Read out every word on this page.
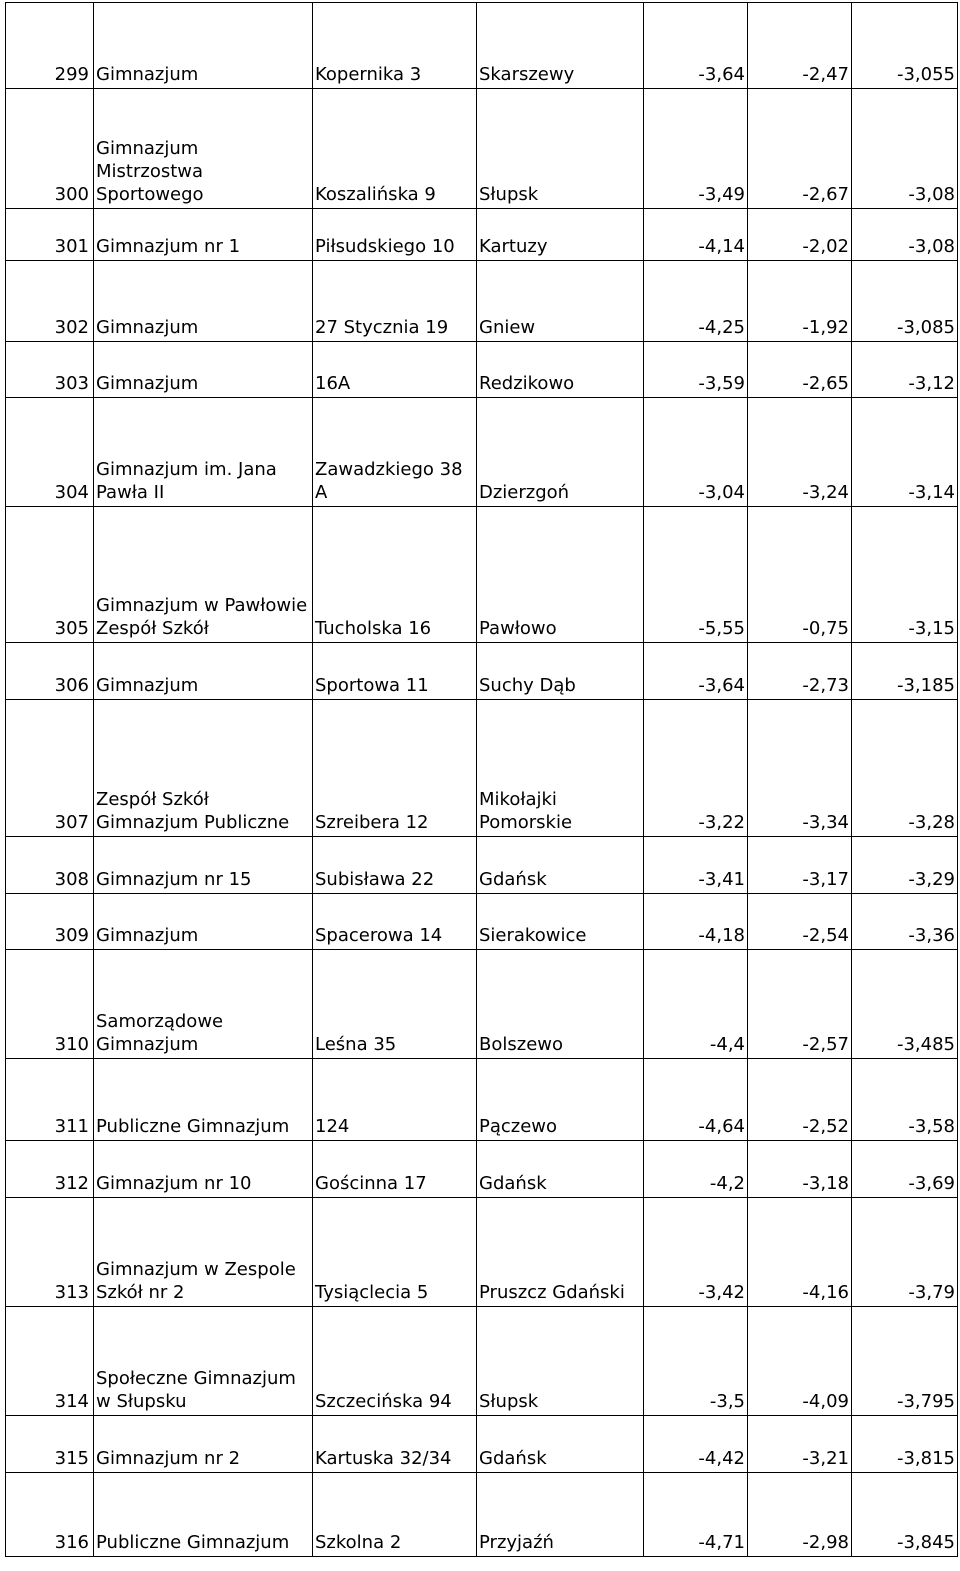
299	Gimnazjum	Kopernika 3	Skarszewy	-3,64	-2,47	-3,055
300	Gimnazjum Mistrzostwa Sportowego	Koszalińska 9	Słupsk	-3,49	-2,67	-3,08
301	Gimnazjum nr 1	Piłsudskiego 10	Kartuzy	-4,14	-2,02	-3,08
302	Gimnazjum	27 Stycznia 19	Gniew	-4,25	-1,92	-3,085
303	Gimnazjum	16A	Redzikowo	-3,59	-2,65	-3,12
304	Gimnazjum im. Jana Pawła II	Zawadzkiego 38 A	Dzierzgoń	-3,04	-3,24	-3,14
305	Gimnazjum w Pawłowie Zespół Szkół	Tucholska 16	Pawłowo	-5,55	-0,75	-3,15
306	Gimnazjum	Sportowa 11	Suchy Dąb	-3,64	-2,73	-3,185
307	Zespół Szkół Gimnazjum Publiczne	Szreibera 12	Mikołajki Pomorskie	-3,22	-3,34	-3,28
308	Gimnazjum nr 15	Subisława 22	Gdańsk	-3,41	-3,17	-3,29
309	Gimnazjum	Spacerowa 14	Sierakowice	-4,18	-2,54	-3,36
310	Samorządowe Gimnazjum	Leśna 35	Bolszewo	-4,4	-2,57	-3,485
311	Publiczne Gimnazjum	124	Pączewo	-4,64	-2,52	-3,58
312	Gimnazjum nr 10	Gościnna 17	Gdańsk	-4,2	-3,18	-3,69
313	Gimnazjum w Zespole Szkół nr 2	Tysiąclecia 5	Pruszcz Gdański	-3,42	-4,16	-3,79
314	Społeczne Gimnazjum w Słupsku	Szczecińska 94	Słupsk	-3,5	-4,09	-3,795
315	Gimnazjum nr 2	Kartuska 32/34	Gdańsk	-4,42	-3,21	-3,815
316	Publiczne Gimnazjum	Szkolna 2	Przyjaźń	-4,71	-2,98	-3,845
